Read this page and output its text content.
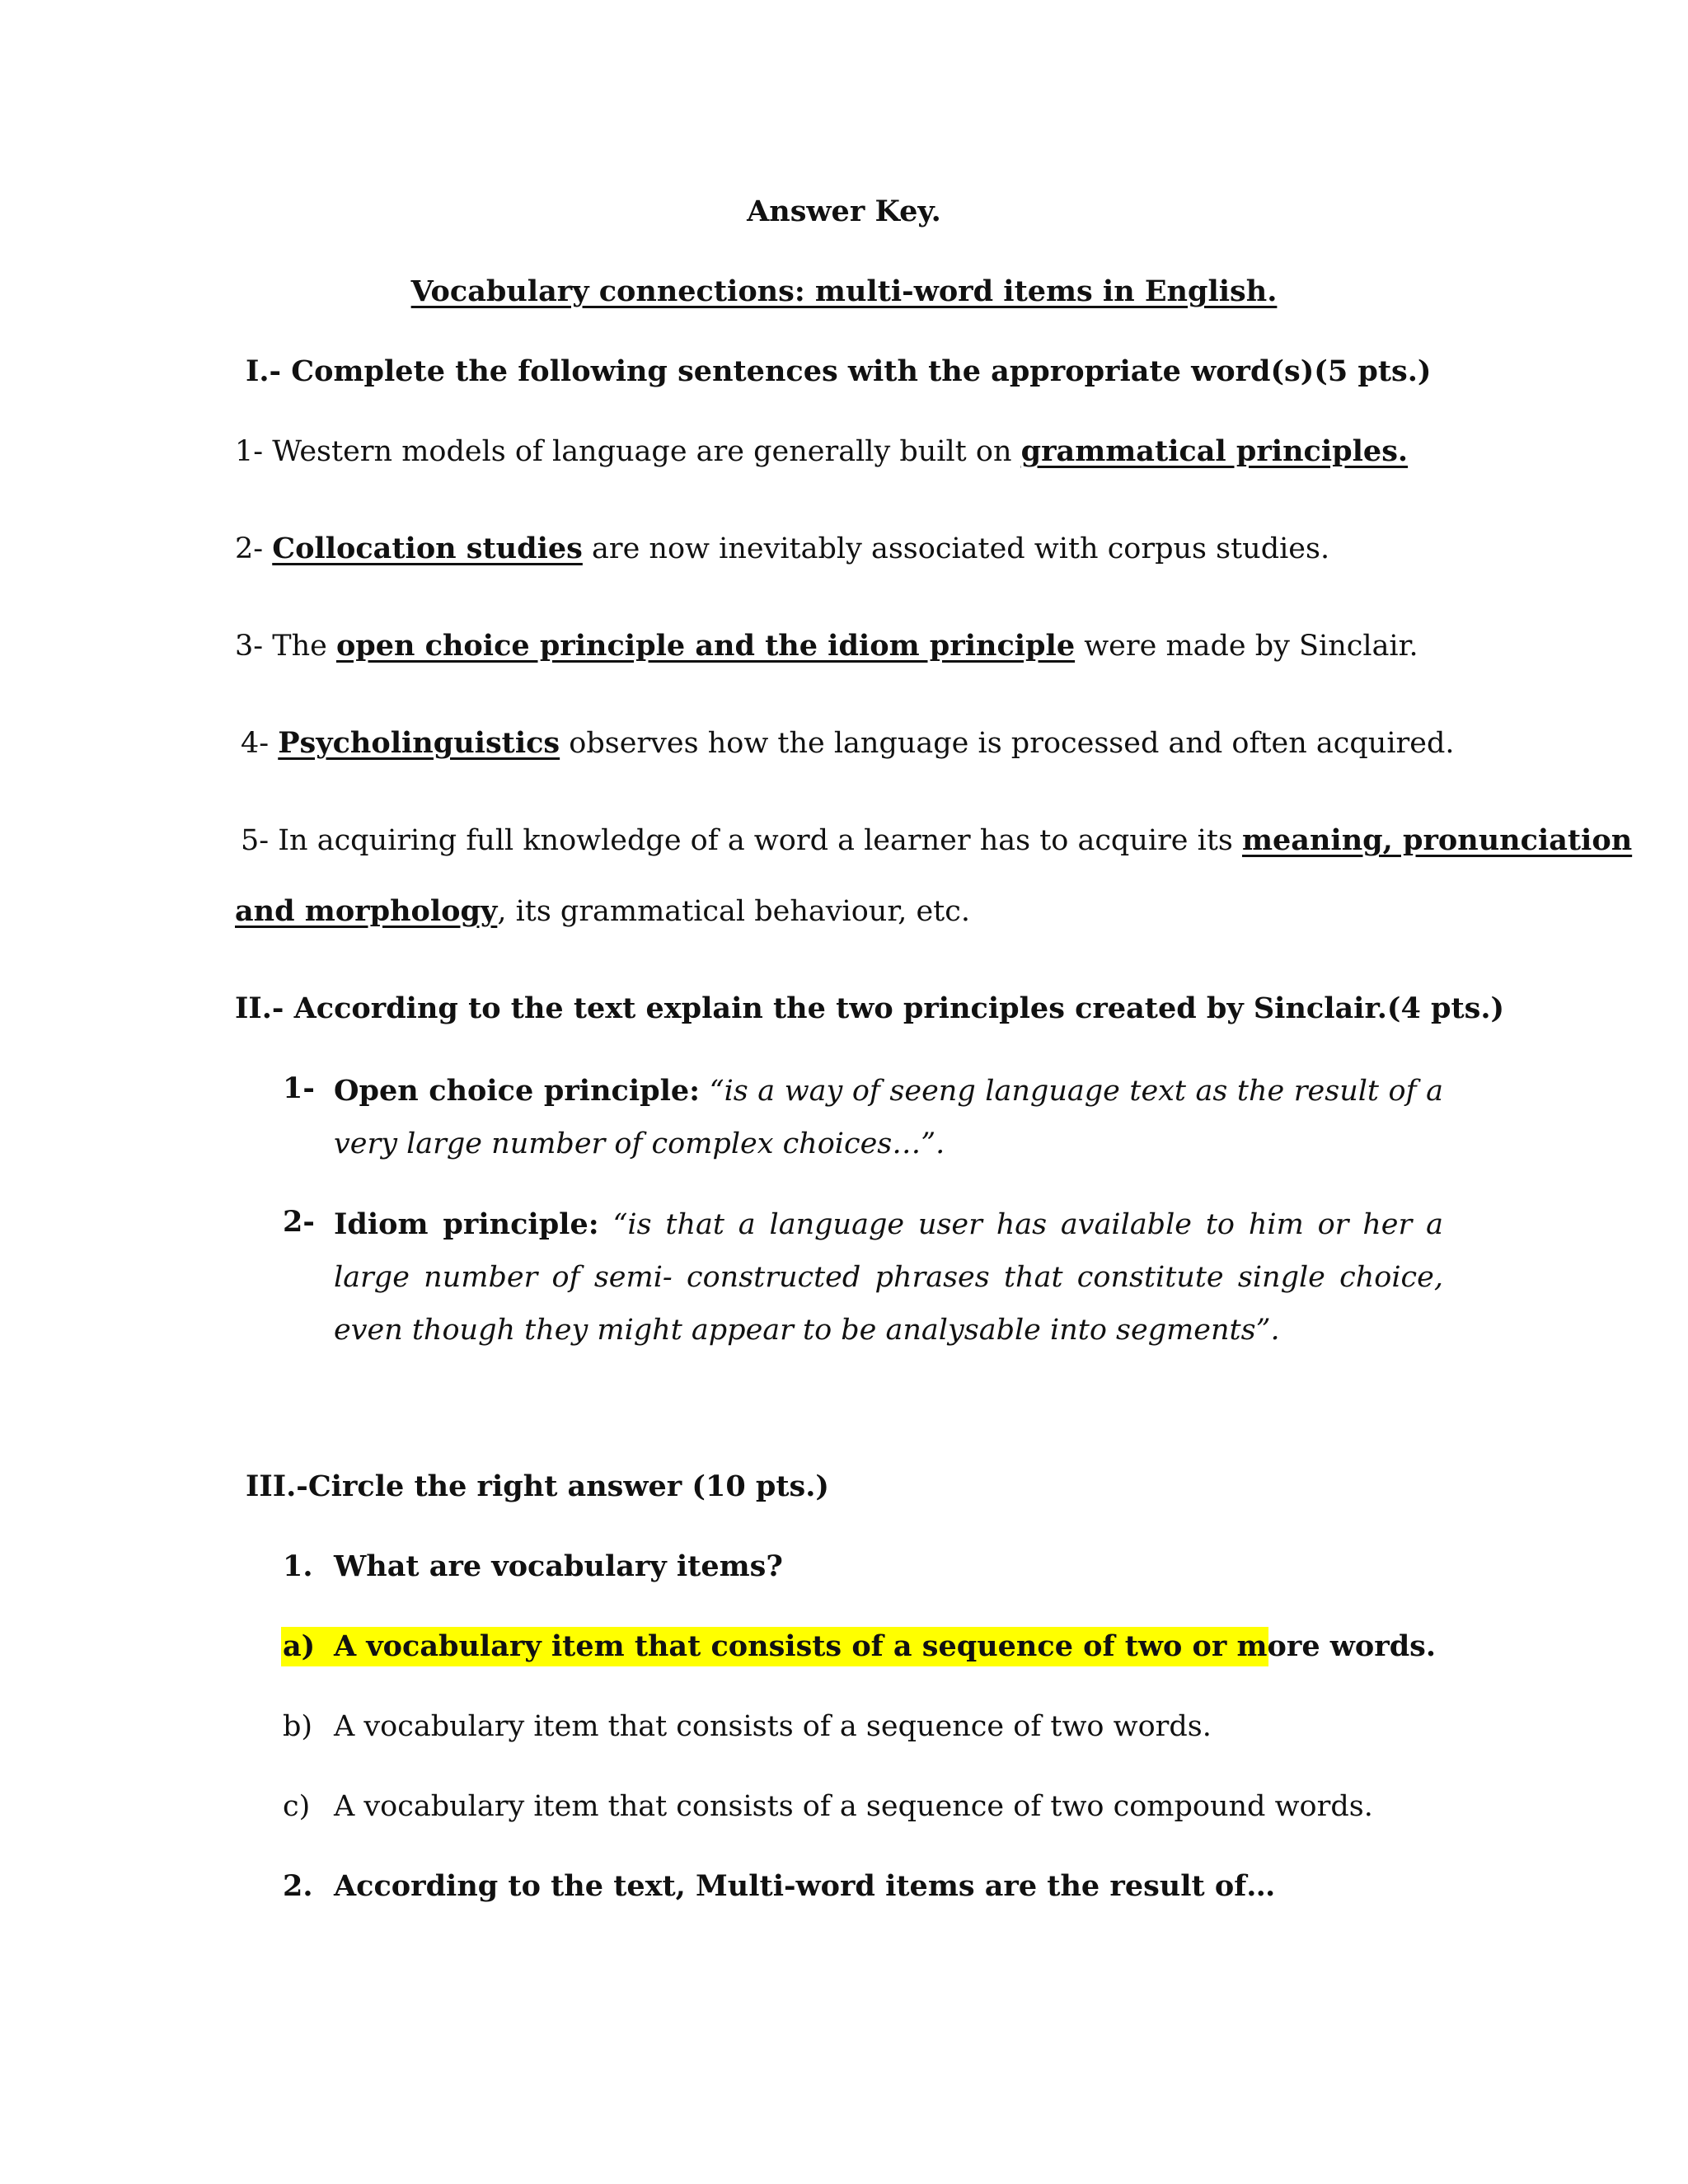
Answer Key.

Vocabulary connections: multi-word items in English.

I.- Complete the following sentences with the appropriate word(s)(5 pts.)

1- Western models of language are generally built on grammatical principles.

2- Collocation studies are now inevitably associated with corpus studies.

3- The open choice principle and the idiom principle were made by Sinclair.

4- Psycholinguistics observes how the language is processed and often acquired.

5- In acquiring full knowledge of a word a learner has to acquire its meaning, pronunciation

and morphology, its grammatical behaviour, etc.

II.- According to the text explain the two principles created by Sinclair.(4 pts.)

1- Open choice principle: “is a way of seeng language text as the result of a very large number of complex choices…”.

2- Idiom principle: “is that a language user has available to him or her a large number of semi- constructed phrases that constitute single choice, even though they might appear to be analysable into segments”.

III.-Circle the right answer (10 pts.)

1. What are vocabulary items?

a) A vocabulary item that consists of a sequence of two or more words.

b) A vocabulary item that consists of a sequence of two words.

c) A vocabulary item that consists of a sequence of two compound words.

2. According to the text, Multi-word items are the result of…
